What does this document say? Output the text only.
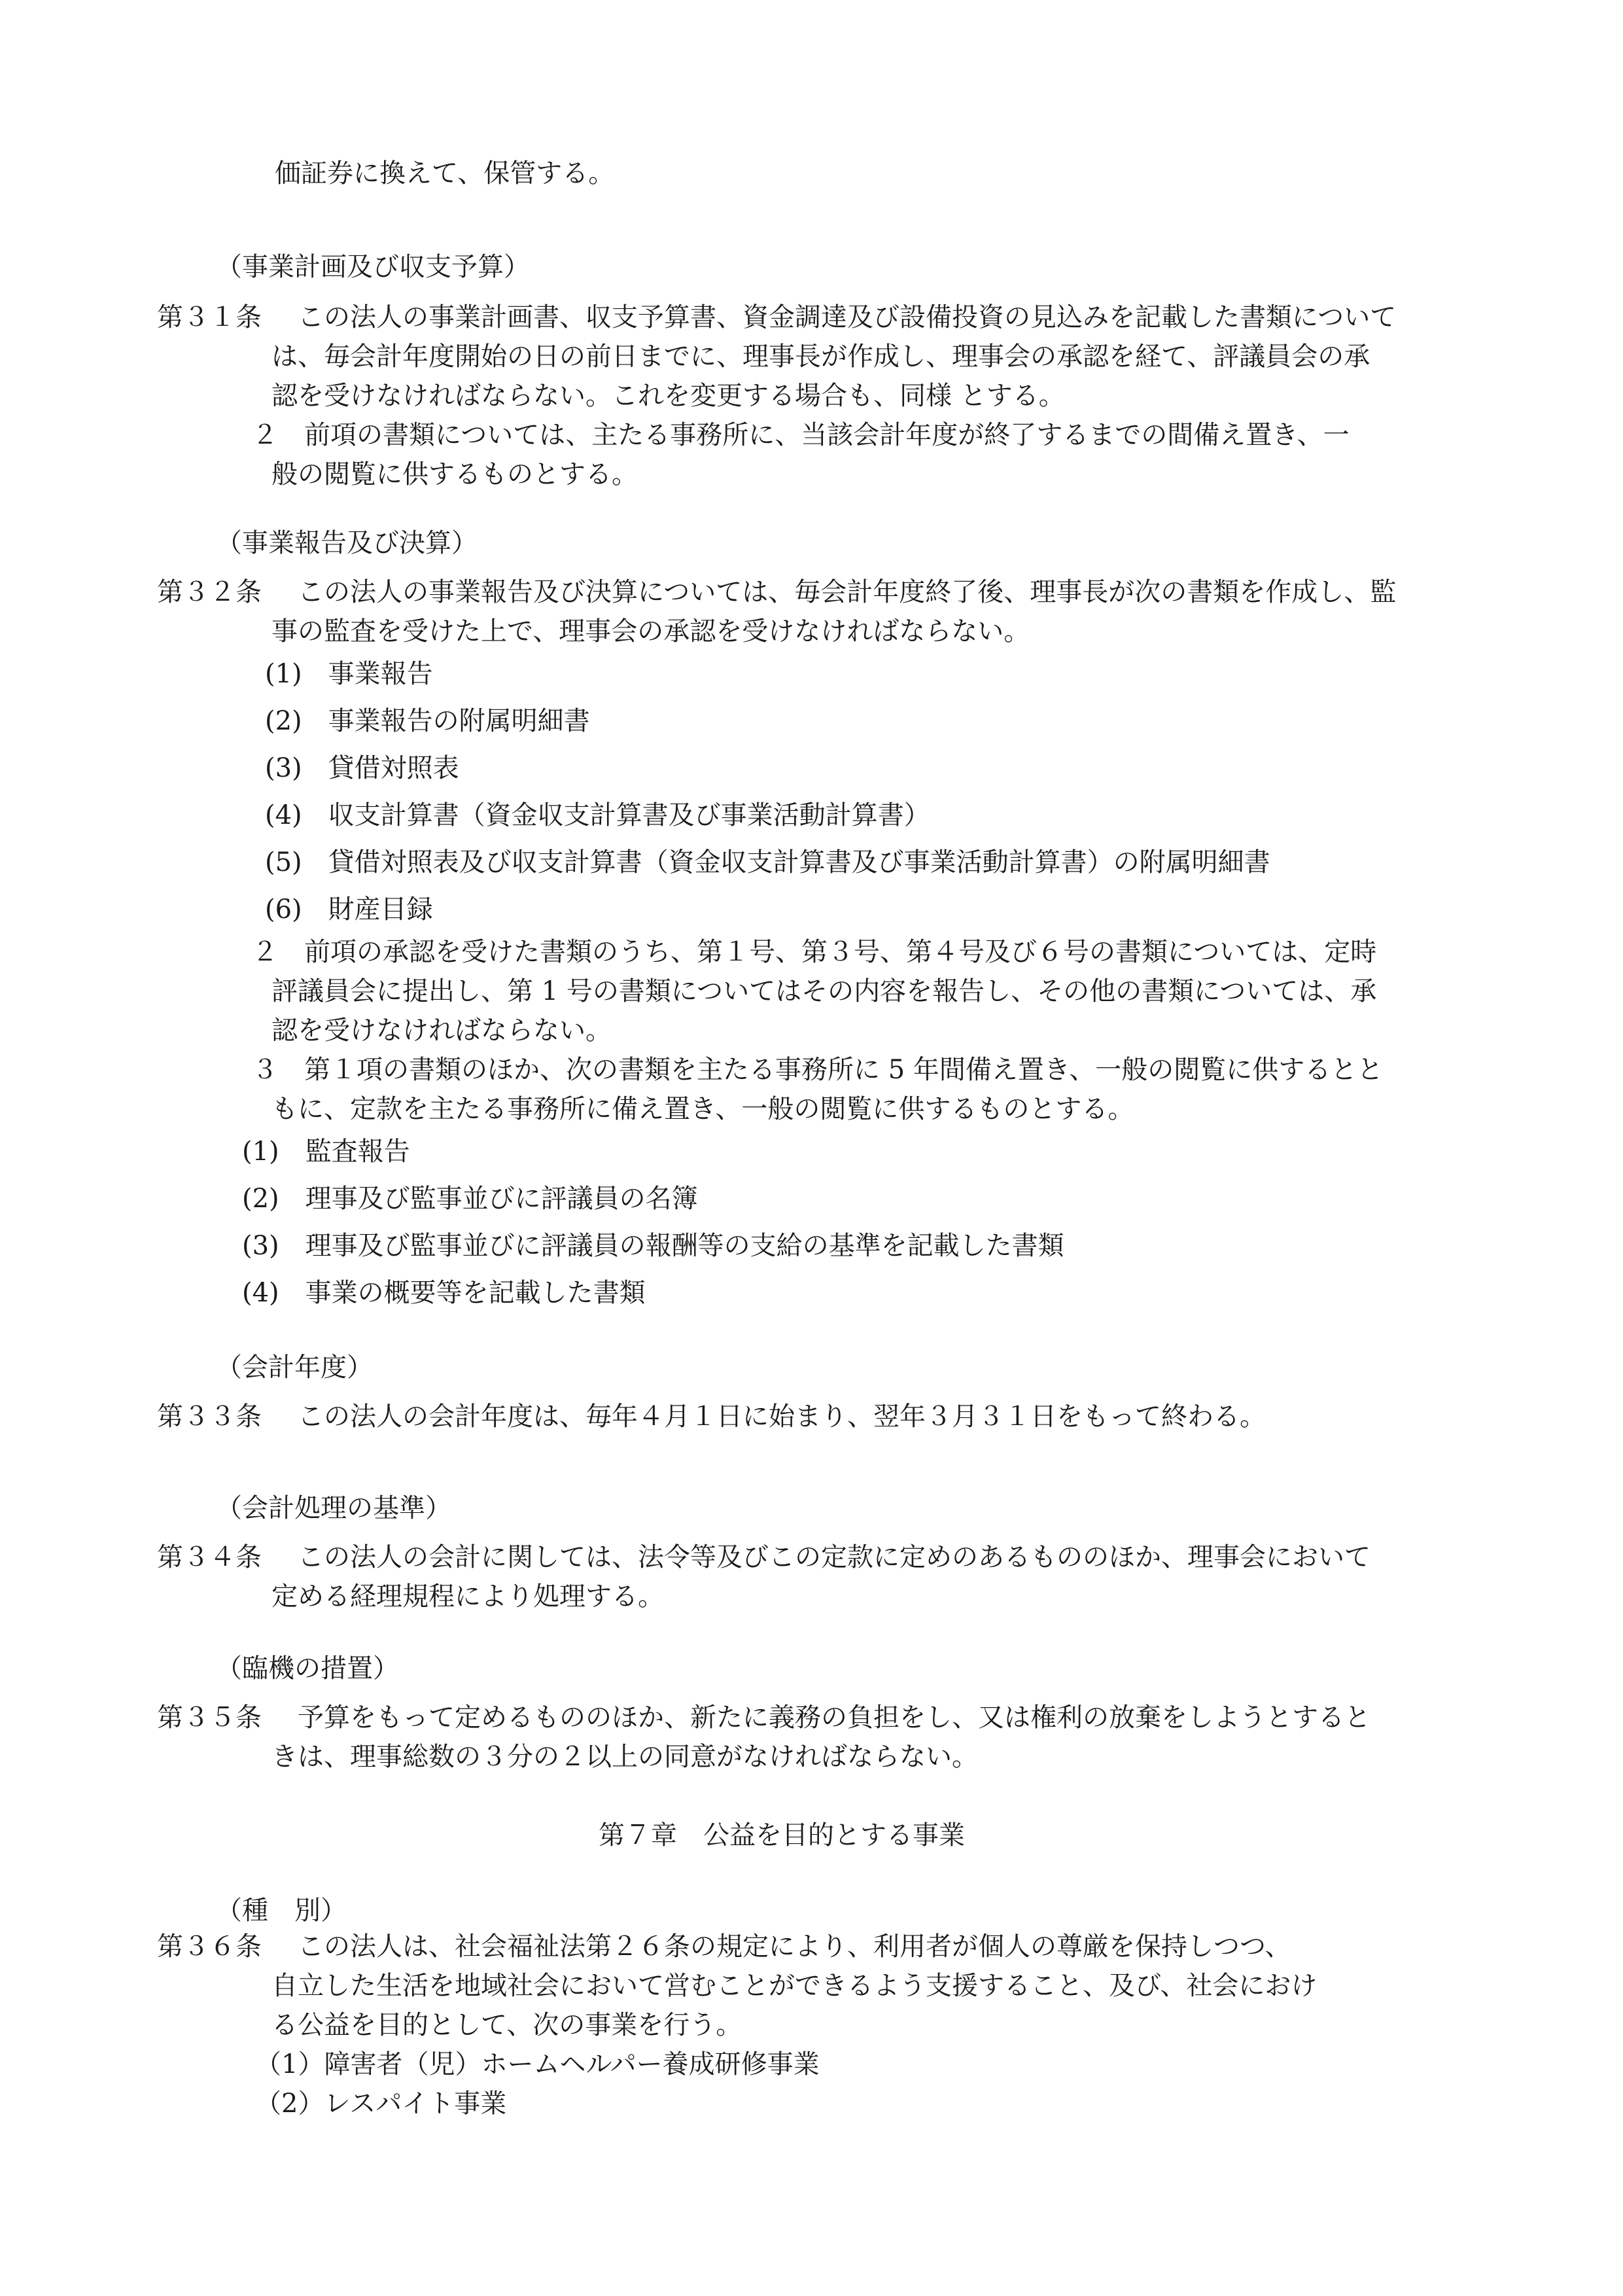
価証券に換えて、保管する。
（事業計画及び収支予算）
第３１条 この法人の事業計画書、収支予算書、資金調達及び設備投資の見込みを記載した書類について
は、毎会計年度開始の日の前日までに、理事長が作成し、理事会の承認を経て、評議員会の承
認を受けなければならない。これを変更する場合も、同様 とする。
２　前項の書類については、主たる事務所に、当該会計年度が終了するまでの間備え置き、一
般の閲覧に供するものとする。
（事業報告及び決算）
第３２条 この法人の事業報告及び決算については、毎会計年度終了後、理事長が次の書類を作成し、監
事の監査を受けた上で、理事会の承認を受けなければならない。
(1)　事業報告
(2)　事業報告の附属明細書
(3)　貸借対照表
(4)　収支計算書（資金収支計算書及び事業活動計算書）
(5)　貸借対照表及び収支計算書（資金収支計算書及び事業活動計算書）の附属明細書
(6)　財産目録
２　前項の承認を受けた書類のうち、第１号、第３号、第４号及び６号の書類については、定時
評議員会に提出し、第 1 号の書類についてはその内容を報告し、その他の書類については、承
認を受けなければならない。
３　第１項の書類のほか、次の書類を主たる事務所に 5 年間備え置き、一般の閲覧に供するとと
もに、定款を主たる事務所に備え置き、一般の閲覧に供するものとする。
(1)　監査報告
(2)　理事及び監事並びに評議員の名簿
(3)　理事及び監事並びに評議員の報酬等の支給の基準を記載した書類
(4)　事業の概要等を記載した書類
（会計年度）
第３３条 この法人の会計年度は、毎年４月１日に始まり、翌年３月３１日をもって終わる。
（会計処理の基準）
第３４条 この法人の会計に関しては、法令等及びこの定款に定めのあるもののほか、理事会において
定める経理規程により処理する。
（臨機の措置）
第３５条 予算をもって定めるもののほか、新たに義務の負担をし、又は権利の放棄をしようとすると
きは、理事総数の３分の２以上の同意がなければならない。
第７章　公益を目的とする事業
（種　別）
第３６条 この法人は、社会福祉法第２６条の規定により、利用者が個人の尊厳を保持しつつ、
自立した生活を地域社会において営むことができるよう支援すること、及び、社会におけ
る公益を目的として、次の事業を行う。
（1）障害者（児）ホームヘルパー養成研修事業
（2）レスパイト事業
